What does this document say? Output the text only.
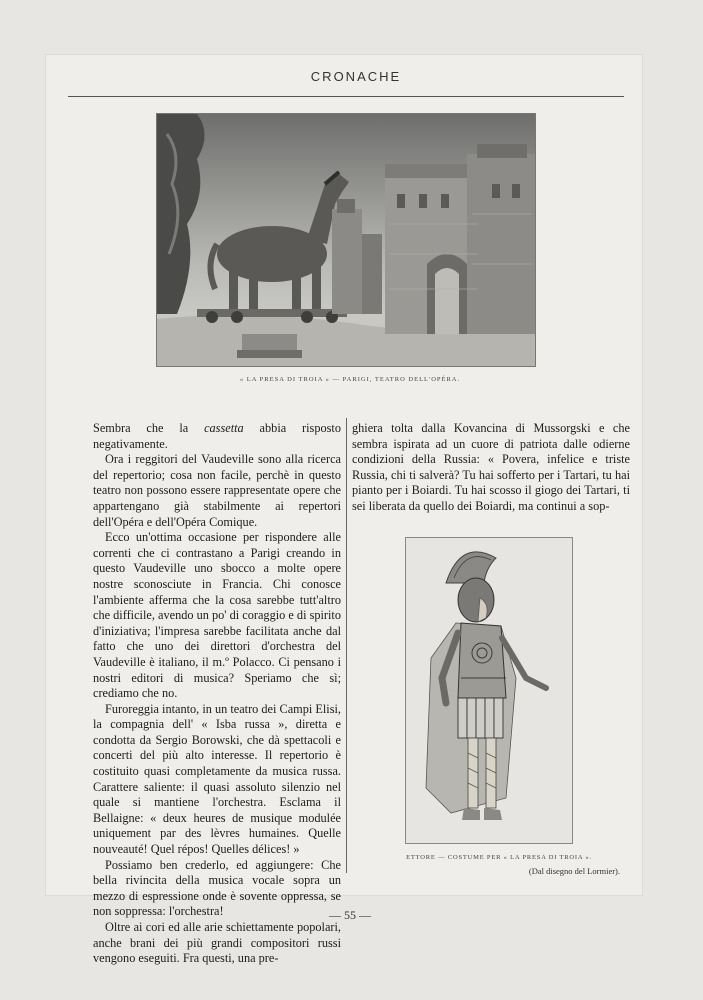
CRONACHE
« LA PRESA DI TROIA » — PARIGI, TEATRO DELL'OPÉRA.

Sembra che la cassetta abbia risposto negativamente.

Ora i reggitori del Vaudeville sono alla ricerca del repertorio; cosa non facile, perchè in questo teatro non possono essere rappresentate opere che appartengano già stabilmente ai repertori dell'Opéra e dell'Opéra Comique.

Ecco un'ottima occasione per rispondere alle correnti che ci contrastano a Parigi creando in questo Vaudeville uno sbocco a molte opere nostre sconosciute in Francia. Chi conosce l'ambiente afferma che la cosa sarebbe tutt'altro che difficile, avendo un po' di coraggio e di spirito d'iniziativa; l'impresa sarebbe facilitata anche dal fatto che uno dei direttori d'orchestra del Vaudeville è italiano, il m.º Polacco. Ci pensano i nostri editori di musica? Speriamo che sì; crediamo che no.

Furoreggia intanto, in un teatro dei Campi Elisi, la compagnia dell' « Isba russa », diretta e condotta da Sergio Borowski, che dà spettacoli e concerti del più alto interesse. Il repertorio è costituito quasi completamente da musica russa. Carattere saliente: il quasi assoluto silenzio nel quale si mantiene l'orchestra. Esclama il Bellaigne: « deux heures de musique modulée uniquement par des lèvres humaines. Quelle nouveauté! Quel répos! Quelles délices! »

Possiamo ben crederlo, ed aggiungere: Che bella rivincita della musica vocale sopra un mezzo di espressione onde è sovente oppressa, se non soppressa: l'orchestra!

Oltre ai cori ed alle arie schiettamente popolari, anche brani dei più grandi compositori russi vengono eseguiti. Fra questi, una pre-

ghiera tolta dalla Kovancina di Mussorgski e che sembra ispirata ad un cuore di patriota dalle odierne condizioni della Russia: « Povera, infelice e triste Russia, chi ti salverà? Tu hai sofferto per i Tartari, tu hai pianto per i Boiardi. Tu hai scosso il giogo dei Tartari, ti sei liberata da quello dei Boiardi, ma continui a sop-

ETTORE — COSTUME PER « LA PRESA DI TROIA ».
(Dal disegno del Lormier).
— 55 —
